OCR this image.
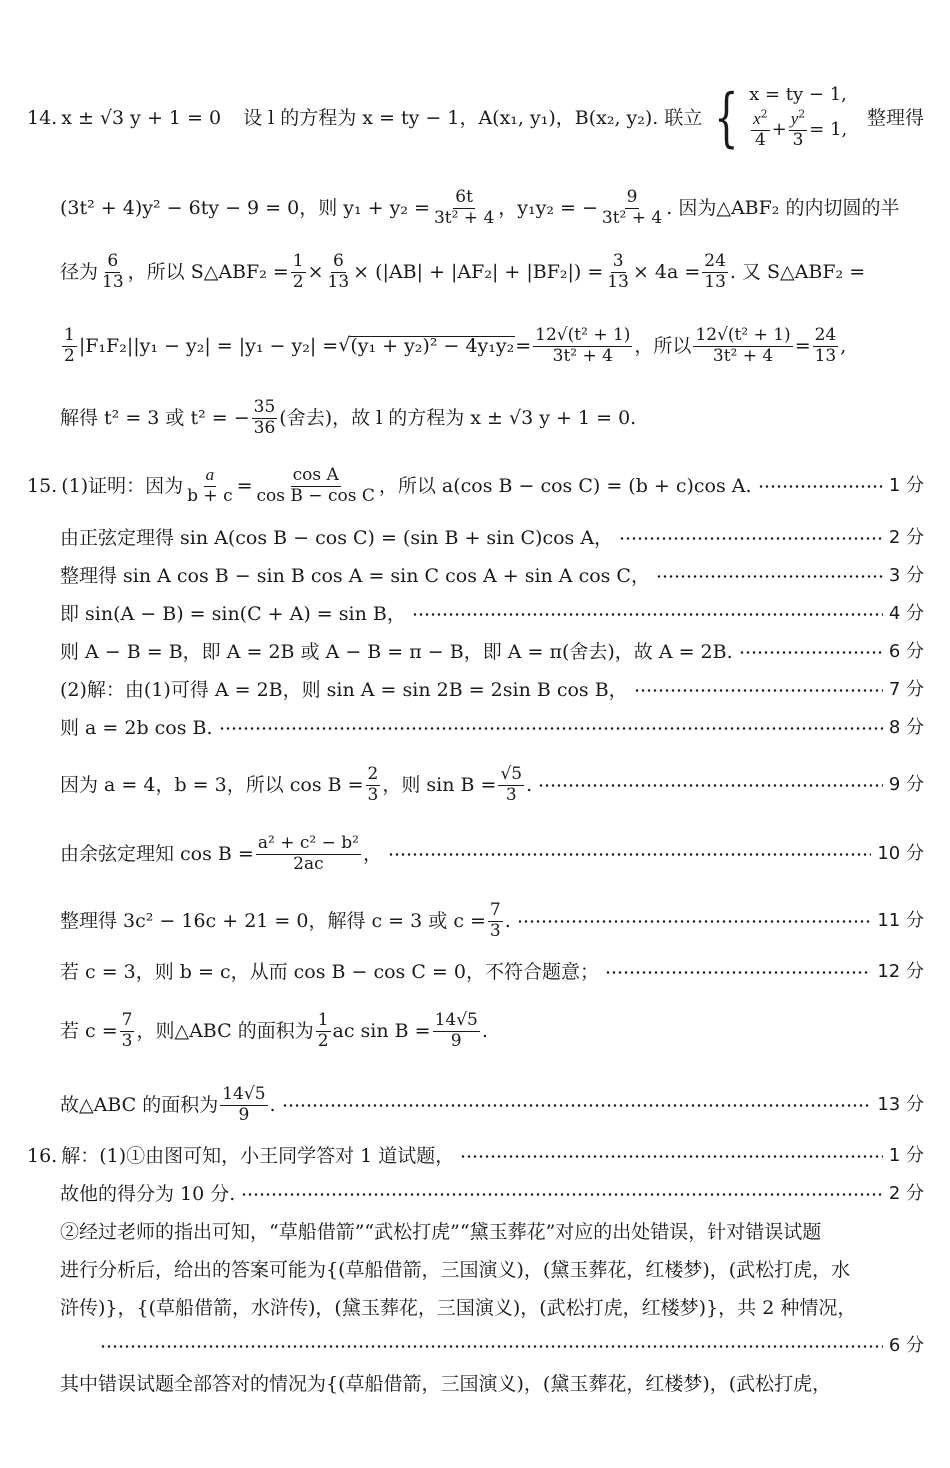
14. x ± √3 y + 1 = 0 设 l 的方程为 x = ty − 1，A(x₁, y₁)，B(x₂, y₂). 联立 { x = ty − 1,
$\frac{x^2}{4} + \frac{y^2}{3} = 1$,
整理得
(3t² + 4)y² − 6ty − 9 = 0，则 $y_1 + y_2 = \frac{6t}{\text{3t² + 4}}$ ，y₁y₂ = − $\frac{9}{\text{3t² + 4}}$ . 因为△ABF₂ 的内切圆的半
径为 $\frac{6}{13}$ ，所以 S△ABF₂ = $\frac{1}{2} \times \frac{6}{13} \times (|AB| + |AF_2| + |BF_2|) = \frac{3}{13} \times 4a = \frac{24}{13}$ . 又 S△ABF₂ =
$\frac{1}{2} |F_1F_2||y_1 - y_2| = |y_1 - y_2|$ = √ $(y_1 + y_2)^2 - 4y_1y_2 = \frac{\text{12√(t² + 1)}}{\text{3t² + 4}}$ ，所以 $\frac{\text{12√(t² + 1)}}{\text{3t² + 4}} = \frac{24}{13}$ ,
解得 t² = 3 或 t² = − $\frac{35}{36}$ (舍去)，故 l 的方程为 x ± √3 y + 1 = 0.
15. (1)证明：因为 $\frac{a}{b + c} = \frac{\text{cos A}}{\text{cos B − cos C}}$ ，所以 a(cos B − cos C) = (b + c)cos A.	1 分
由正弦定理得 sin A(cos B − cos C) = (sin B + sin C)cos A，	2 分
整理得 sin A cos B − sin B cos A = sin C cos A + sin A cos C，	3 分
即 sin(A − B) = sin(C + A) = sin B，	4 分
则 A − B = B，即 A = 2B 或 A − B = π − B，即 A = π(舍去)，故 A = 2B.	6 分
(2)解：由(1)可得 A = 2B，则 sin A = sin 2B = 2sin B cos B，	7 分
则 a = 2b cos B.	8 分
因为 a = 4，b = 3，所以 $\cos B = \frac{2}{3}$ ，则 $\sin B = \frac{√5}{3}$ .	9 分
由余弦定理知 $\cos B = \frac{\text{a² + c² − b²}}{2ac}$ ，	10 分
整理得 3c² − 16c + 21 = 0，解得 c = 3 或 $c = \frac{7}{3}$ .	11 分
若 c = 3，则 b = c，从而 cos B − cos C = 0，不符合题意；	12 分
若 $c = \frac{7}{3}$ ，则△ABC 的面积为 $\frac{1}{2}$ ac $\sin B = \frac{14√5}{9}$ .
故△ABC 的面积为 $\frac{14√5}{9}$ .	13 分
16. 解：(1)①由图可知，小王同学答对 1 道试题，	1 分
故他的得分为 10 分.	2 分
②经过老师的指出可知，“草船借箭”“武松打虎”“黛玉葬花”对应的出处错误，针对错误试题
进行分析后，给出的答案可能为{(草船借箭，三国演义)，(黛玉葬花，红楼梦)，(武松打虎，水
浒传)}，{(草船借箭，水浒传)，(黛玉葬花，三国演义)，(武松打虎，红楼梦)}，共 2 种情况，
6 分
其中错误试题全部答对的情况为{(草船借箭，三国演义)，(黛玉葬花，红楼梦)，(武松打虎，
